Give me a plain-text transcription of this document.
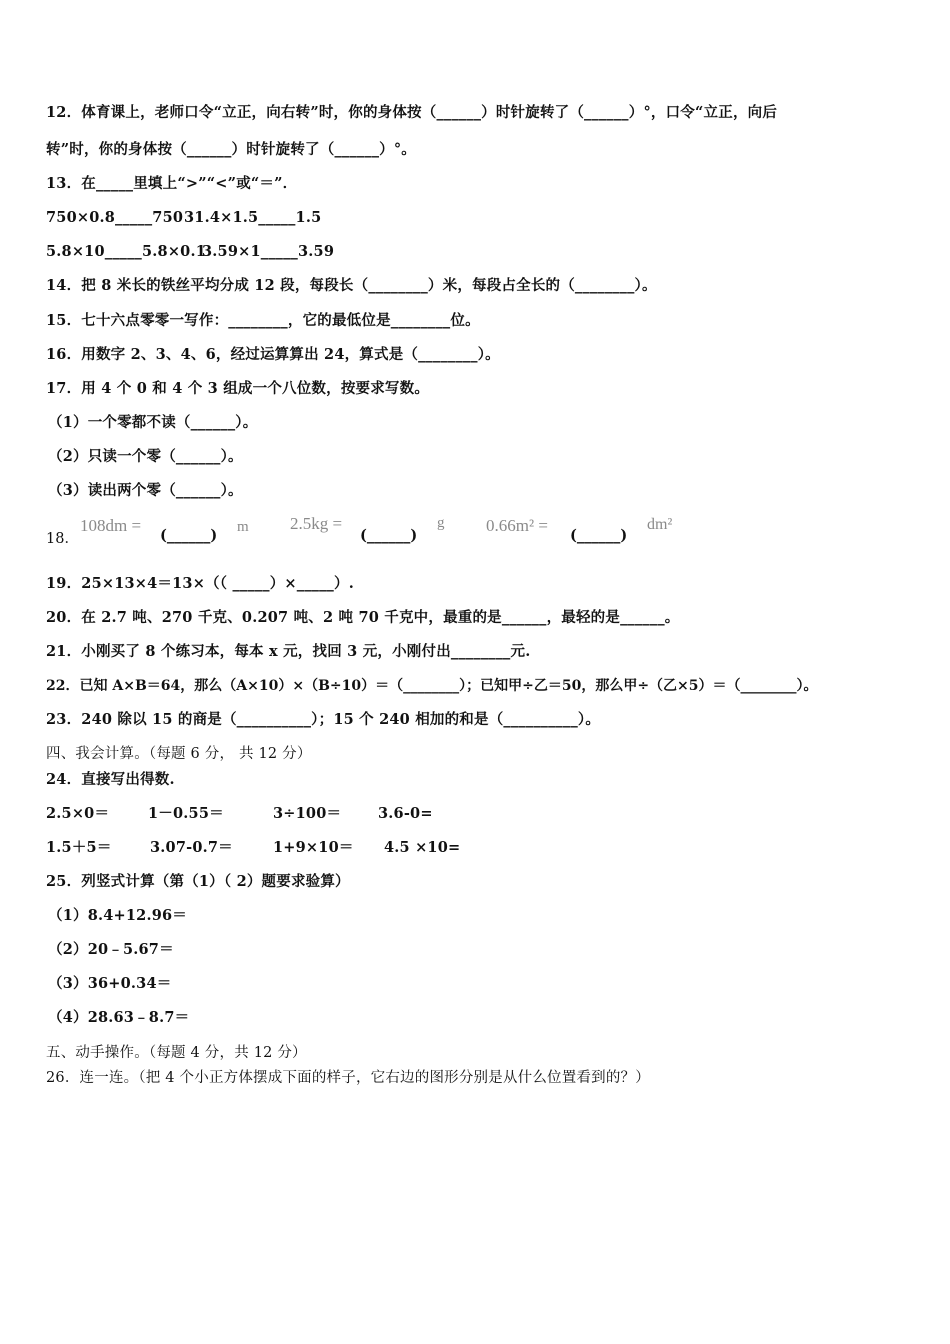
12．体育课上，老师口令“立正，向右转”时，你的身体按（______）时针旋转了（______）°，口令“立正，向后
转”时，你的身体按（______）时针旋转了（______）°。
13．在_____里填上“>”“<”或“＝”．
750×0.8_____750 31.4×1.5_____1.5
5.8×10_____5.8×0.1
3.59×1_____3.59
14．把 8 米长的铁丝平均分成 12 段，每段长（________）米，每段占全长的（________）。
15．七十六点零零一写作：________，它的最低位是________位。
16．用数字 2、3、4、6，经过运算算出 24，算式是（________）。
17．用 4 个 0 和 4 个 3 组成一个八位数，按要求写数。
（1）一个零都不读（______）。
（2）只读一个零（______）。
（3）读出两个零（______）。
18．
108dm =
(______) m 2.5kg =
(______)
g 0.66m² =
(______)
dm²
19．25×13×4＝13×（（ _____）×_____）.
20．在 2.7 吨、270 千克、0.207 吨、2 吨 70 千克中，最重的是______，最轻的是______。
21．小刚买了 8 个练习本，每本 x 元，找回 3 元，小刚付出________元.
22．已知 A×B＝64，那么（A×10）×（B÷10）＝（________）；已知甲÷乙＝50，那么甲÷（乙×5）＝（________）。
23．240 除以 15 的商是（__________）；15 个 240 相加的和是（__________）。
四、我会计算。（每题 6 分， 共 12 分）
24．直接写出得数.
2.5×0＝	1－0.55＝	3÷100＝	3.6-0=
1.5＋5＝	3.07-0.7＝	1+9×10＝ 4.5 ×10=
25．列竖式计算（第（1）（ 2）题要求验算）
（1）8.4+12.96＝
（2）20﹣5.67＝
（3）36+0.34＝
（4）28.63﹣8.7＝
五、动手操作。（每题 4 分，共 12 分）
26．连一连。（把 4 个小正方体摆成下面的样子，它右边的图形分别是从什么位置看到的？）
